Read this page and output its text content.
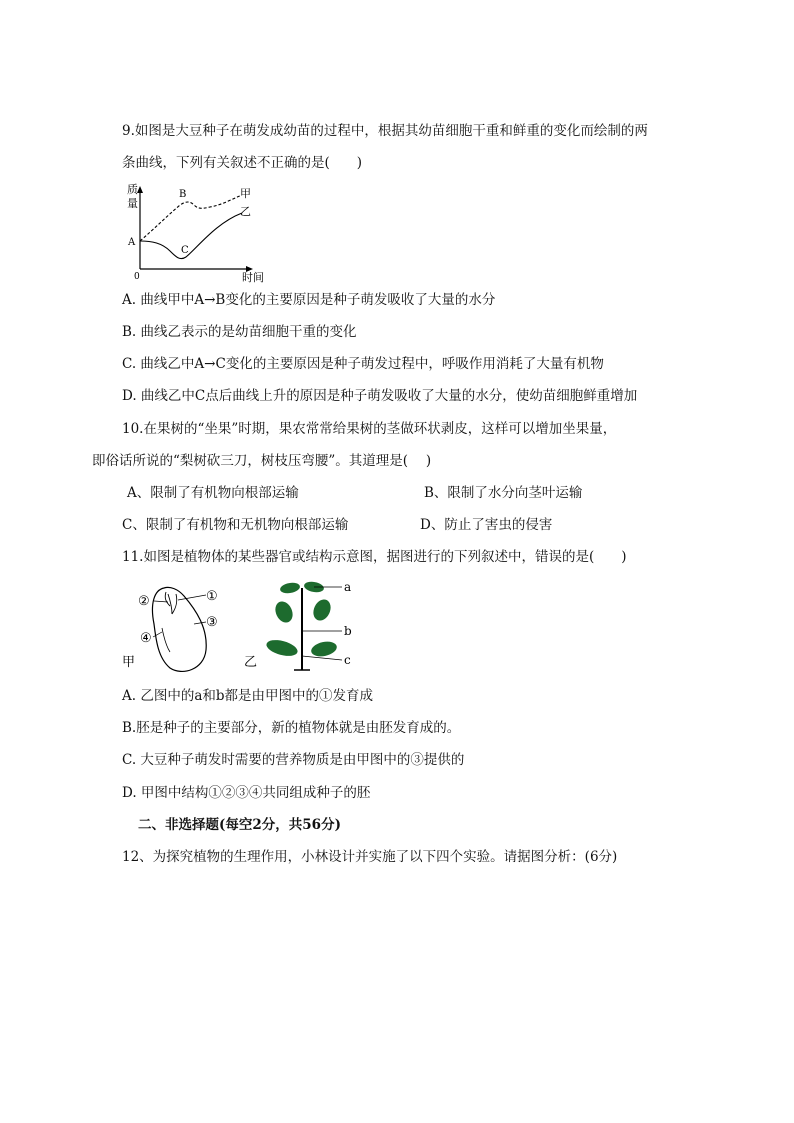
9.如图是大豆种子在萌发成幼苗的过程中，根据其幼苗细胞干重和鲜重的变化而绘制的两
条曲线，下列有关叙述不正确的是(　　)
质
量
A
B
C
甲
乙
0	时间
A. 曲线甲中A→B变化的主要原因是种子萌发吸收了大量的水分
B. 曲线乙表示的是幼苗细胞干重的变化
C. 曲线乙中A→C变化的主要原因是种子萌发过程中，呼吸作用消耗了大量有机物
D. 曲线乙中C点后曲线上升的原因是种子萌发吸收了大量的水分，使幼苗细胞鲜重增加
10.在果树的“坐果”时期，果农常常给果树的茎做环状剥皮，这样可以增加坐果量，
即俗话所说的“梨树砍三刀，树枝压弯腰”。其道理是(　 )
A、限制了有机物向根部运输	B、限制了水分向茎叶运输
C、限制了有机物和无机物向根部运输	D、防止了害虫的侵害
11.如图是植物体的某些器官或结构示意图，据图进行的下列叙述中，错误的是(　　)
②	①
③
④
甲
a
b
c
乙
A. 乙图中的a和b都是由甲图中的①发育成
B.胚是种子的主要部分，新的植物体就是由胚发育成的。
C. 大豆种子萌发时需要的营养物质是由甲图中的③提供的
D. 甲图中结构①②③④共同组成种子的胚
二、非选择题(每空2分，共56分)
12、为探究植物的生理作用，小林设计并实施了以下四个实验。请据图分析：(6分)
